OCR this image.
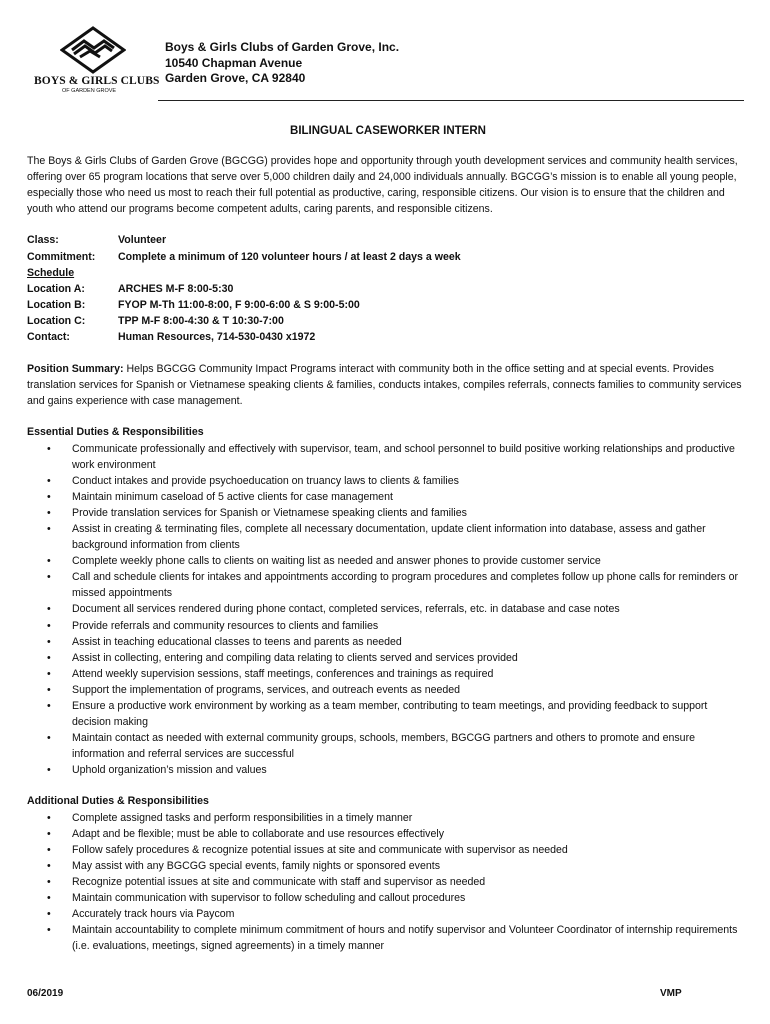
BOYS & GIRLS CLUBS
OF GARDEN GROVE
Boys & Girls Clubs of Garden Grove, Inc.
10540 Chapman Avenue
Garden Grove, CA 92840
BILINGUAL CASEWORKER INTERN

The Boys & Girls Clubs of Garden Grove (BGCGG) provides hope and opportunity through youth development services and community health services, offering over 65 program locations that serve over 5,000 children daily and 24,000 individuals annually. BGCGG’s mission is to enable all young people, especially those who need us most to reach their full potential as productive, caring, responsible citizens. Our vision is to ensure that the children and youth who attend our programs become competent adults, caring parents, and responsible citizens.

Class:	Volunteer
Commitment:	Complete a minimum of 120 volunteer hours / at least 2 days a week
Schedule
Location A:	ARCHES M-F 8:00-5:30
Location B:	FYOP M-Th 11:00-8:00, F 9:00-6:00 & S 9:00-5:00
Location C:	TPP M-F 8:00-4:30 & T 10:30-7:00
Contact:	Human Resources, 714-530-0430 x1972

Position Summary: Helps BGCGG Community Impact Programs interact with community both in the office setting and at special events. Provides translation services for Spanish or Vietnamese speaking clients & families, conducts intakes, compiles referrals, connects families to community services and gains experience with case management.

Essential Duties & Responsibilities
• Communicate professionally and effectively with supervisor, team, and school personnel to build positive working relationships and productive work environment
• Conduct intakes and provide psychoeducation on truancy laws to clients & families
• Maintain minimum caseload of 5 active clients for case management
• Provide translation services for Spanish or Vietnamese speaking clients and families
• Assist in creating & terminating files, complete all necessary documentation, update client information into database, assess and gather background information from clients
• Complete weekly phone calls to clients on waiting list as needed and answer phones to provide customer service
• Call and schedule clients for intakes and appointments according to program procedures and completes follow up phone calls for reminders or missed appointments
• Document all services rendered during phone contact, completed services, referrals, etc. in database and case notes
• Provide referrals and community resources to clients and families
• Assist in teaching educational classes to teens and parents as needed
• Assist in collecting, entering and compiling data relating to clients served and services provided
• Attend weekly supervision sessions, staff meetings, conferences and trainings as required
• Support the implementation of programs, services, and outreach events as needed
• Ensure a productive work environment by working as a team member, contributing to team meetings, and providing feedback to support decision making
• Maintain contact as needed with external community groups, schools, members, BGCGG partners and others to promote and ensure information and referral services are successful
• Uphold organization’s mission and values
Additional Duties & Responsibilities
• Complete assigned tasks and perform responsibilities in a timely manner
• Adapt and be flexible; must be able to collaborate and use resources effectively
• Follow safely procedures & recognize potential issues at site and communicate with supervisor as needed
• May assist with any BGCGG special events, family nights or sponsored events
• Recognize potential issues at site and communicate with staff and supervisor as needed
• Maintain communication with supervisor to follow scheduling and callout procedures
• Accurately track hours via Paycom
• Maintain accountability to complete minimum commitment of hours and notify supervisor and Volunteer Coordinator of internship requirements (i.e. evaluations, meetings, signed agreements) in a timely manner
06/2019	VMP
